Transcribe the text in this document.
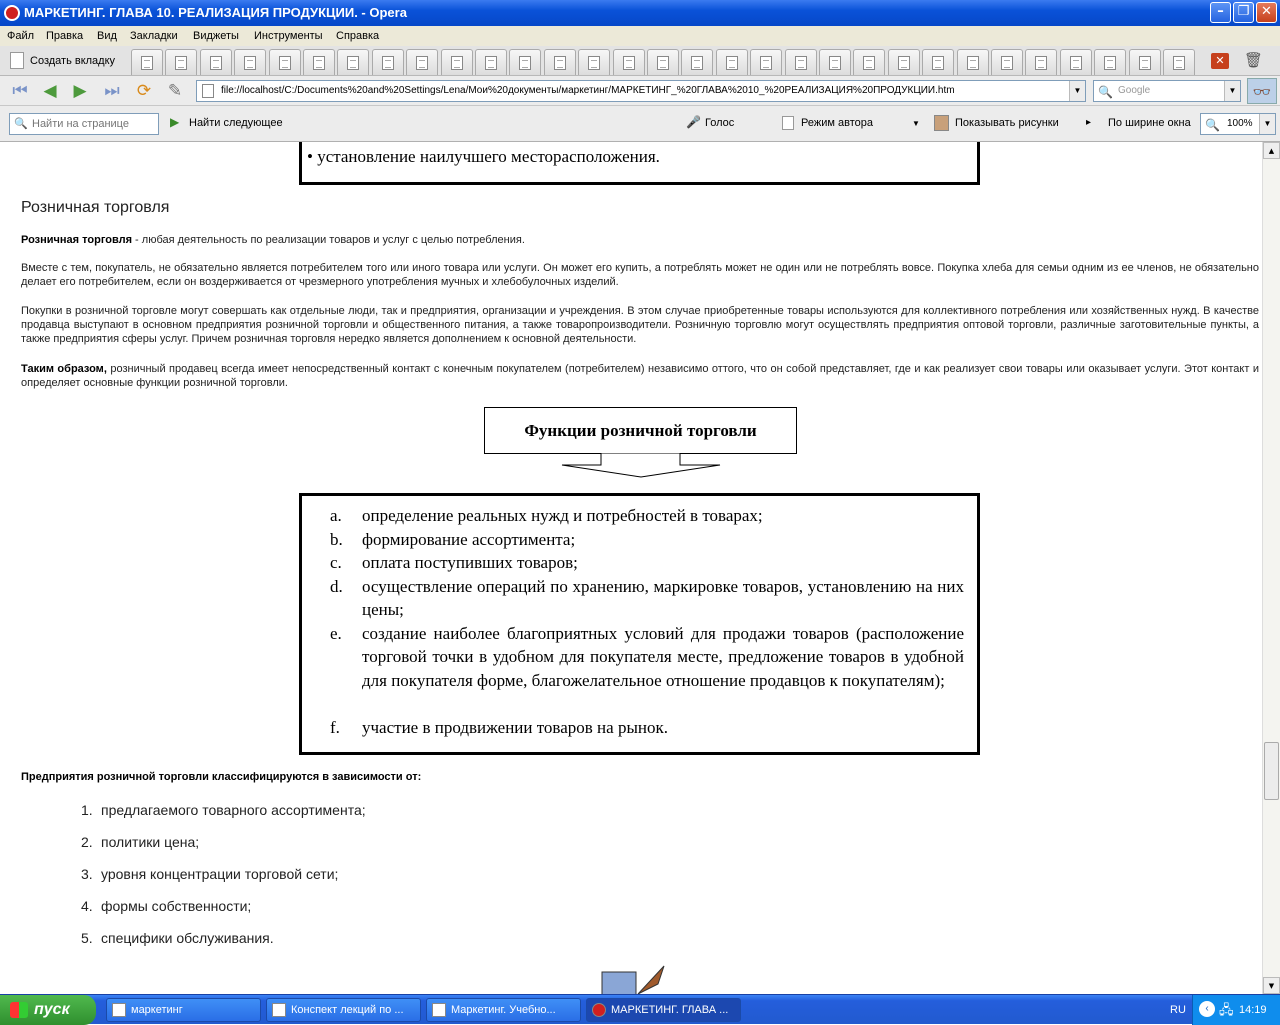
МАРКЕТИНГ. ГЛАВА 10. РЕАЛИЗАЦИЯ ПРОДУКЦИИ. - Opera	–	❐ ✕
Файл Правка Вид Закладки Виджеты Инструменты Справка
Создать вкладку	✕ 🗑
⏮ ◀ ▶	⏭ ⟳ ✎	file://localhost/C:/Documents%20and%20Settings/Lena/Мои%20документы/маркетинг/МАРКЕТИНГ_%20ГЛАВА%2010_%20РЕАЛИЗАЦИЯ%20ПРОДУКЦИИ.htm	▼ 🔍 Google	▼	👓
Найти на странице
🔍	▶ Найти следующее	🎤 Голос	Режим автора	▼	Показывать рисунки	▸	По ширине окна 🔍 100%	▼
• установление наилучшего месторасположения.
Розничная торговля
Розничная торговля - любая деятельность по реализации товаров и услуг с целью потребления.
Вместе с тем, покупатель, не обязательно является потребителем того или иного товара или услуги. Он может его купить, а потреблять может не один или не потреблять вовсе. Покупка хлеба для семьи одним из ее членов, не обязательно делает его потребителем, если он воздерживается от чрезмерного употребления мучных и хлебобулочных изделий.
Покупки в розничной торговле могут совершать как отдельные люди, так и предприятия, организации и учреждения. В этом случае приобретенные товары используются для коллективного потребления или хозяйственных нужд. В качестве продавца выступают в основном предприятия розничной торговли и общественного питания, а также товаропроизводители. Розничную торговлю могут осуществлять предприятия оптовой торговли, различные заготовительные пункты, а также предприятия сферы услуг. Причем розничная торговля нередко является дополнением к основной деятельности.
Таким образом, розничный продавец всегда имеет непосредственный контакт с конечным покупателем (потребителем) независимо оттого, что он собой представляет, где и как реализует свои товары или оказывает услуги. Этот контакт и определяет основные функции розничной торговли.
Функции розничной торговли
a. определение реальных нужд и потребностей в товарах;
b. формирование ассортимента;
c. оплата поступивших товаров;
d. осуществление операций по хранению, маркировке товаров, установлению на них цены;
e. создание наиболее благоприятных условий для продажи товаров (расположение торговой точки в удобном для покупателя месте, предложение товаров в удобной для покупателя форме, благожелательное отношение продавцов к покупателям);
f. участие в продвижении товаров на рынок.
Предприятия розничной торговли классифицируются в зависимости от:
1. предлагаемого товарного ассортимента;
2. политики цена;
3. уровня концентрации торговой сети;
4. формы собственности;
5. специфики обслуживания.
▲
▼
пуск	маркетинг	Конспект лекций по ...	Маркетинг. Учебно...	МАРКЕТИНГ. ГЛАВА ...	RU	‹ 🖧 14:19
